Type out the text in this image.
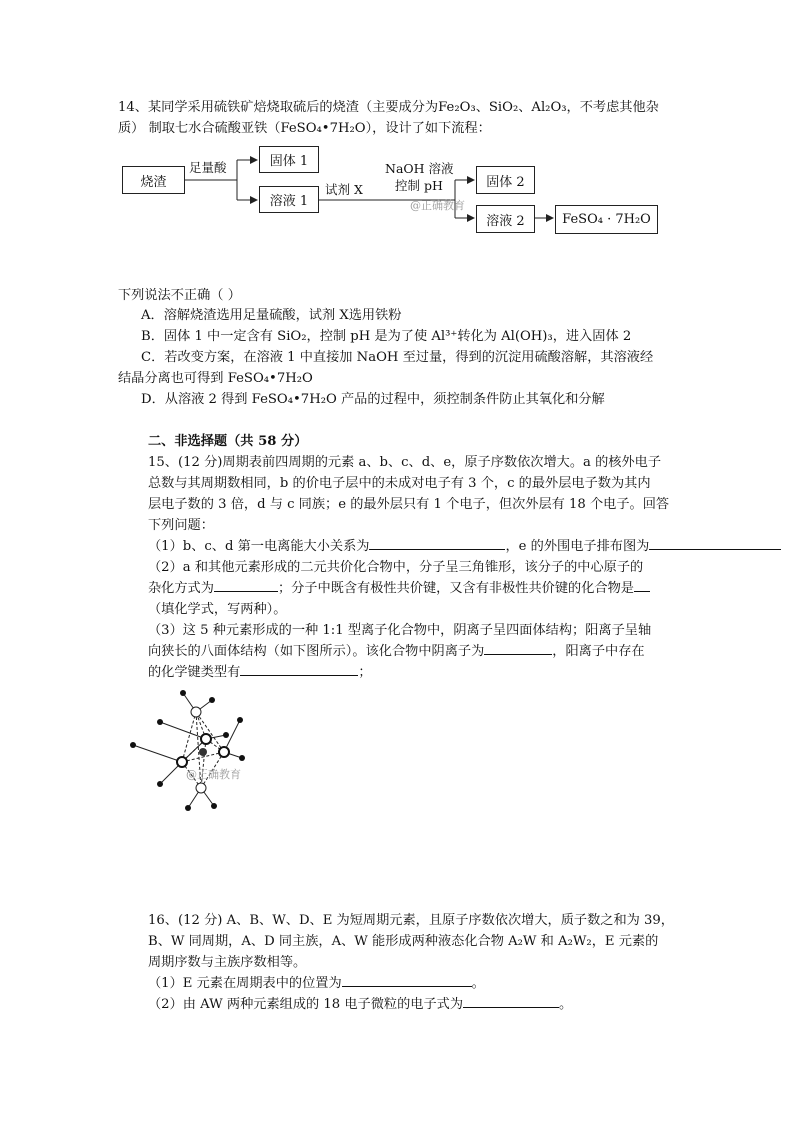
14、某同学采用硫铁矿焙烧取硫后的烧渣（主要成分为Fe₂O₃、SiO₂、Al₂O₃，不考虑其他杂
质） 制取七水合硫酸亚铁（FeSO₄•7H₂O），设计了如下流程：
烧渣
足量酸	固体 1
溶液 1
试剂 X
NaOH 溶液
控制 pH
@正确教育
固体 2
溶液 2	FeSO₄ · 7H₂O
下列说法不正确（ ）
A．溶解烧渣选用足量硫酸，试剂 X选用铁粉
B．固体 1 中一定含有 SiO₂，控制 pH 是为了使 Al³⁺转化为 Al(OH)₃，进入固体 2
C．若改变方案，在溶液 1 中直接加 NaOH 至过量，得到的沉淀用硫酸溶解，其溶液经
结晶分离也可得到 FeSO₄•7H₂O
D．从溶液 2 得到 FeSO₄•7H₂O 产品的过程中，须控制条件防止其氧化和分解
二、非选择题（共 58 分）
15、(12 分)周期表前四周期的元素 a、b、c、d、e，原子序数依次增大。a 的核外电子
总数与其周期数相同，b 的价电子层中的未成对电子有 3 个，c 的最外层电子数为其内
层电子数的 3 倍，d 与 c 同族；e 的最外层只有 1 个电子，但次外层有 18 个电子。回答
下列问题：
（1）b、c、d 第一电离能大小关系为	，e 的外围电子排布图为
（2）a 和其他元素形成的二元共价化合物中，分子呈三角锥形，该分子的中心原子的
杂化方式为	；分子中既含有极性共价键，又含有非极性共价键的化合物是
（填化学式，写两种）。
（3）这 5 种元素形成的一种 1:1 型离子化合物中，阴离子呈四面体结构；阳离子呈轴
向狭长的八面体结构（如下图所示）。该化合物中阴离子为	，阳离子中存在
的化学键类型有	；
@正确教育
16、(12 分) A、B、W、D、E 为短周期元素，且原子序数依次增大，质子数之和为 39，
B、W 同周期，A、D 同主族，A、W 能形成两种液态化合物 A₂W 和 A₂W₂，E 元素的
周期序数与主族序数相等。
（1）E 元素在周期表中的位置为	。
（2）由 AW 两种元素组成的 18 电子微粒的电子式为	。
